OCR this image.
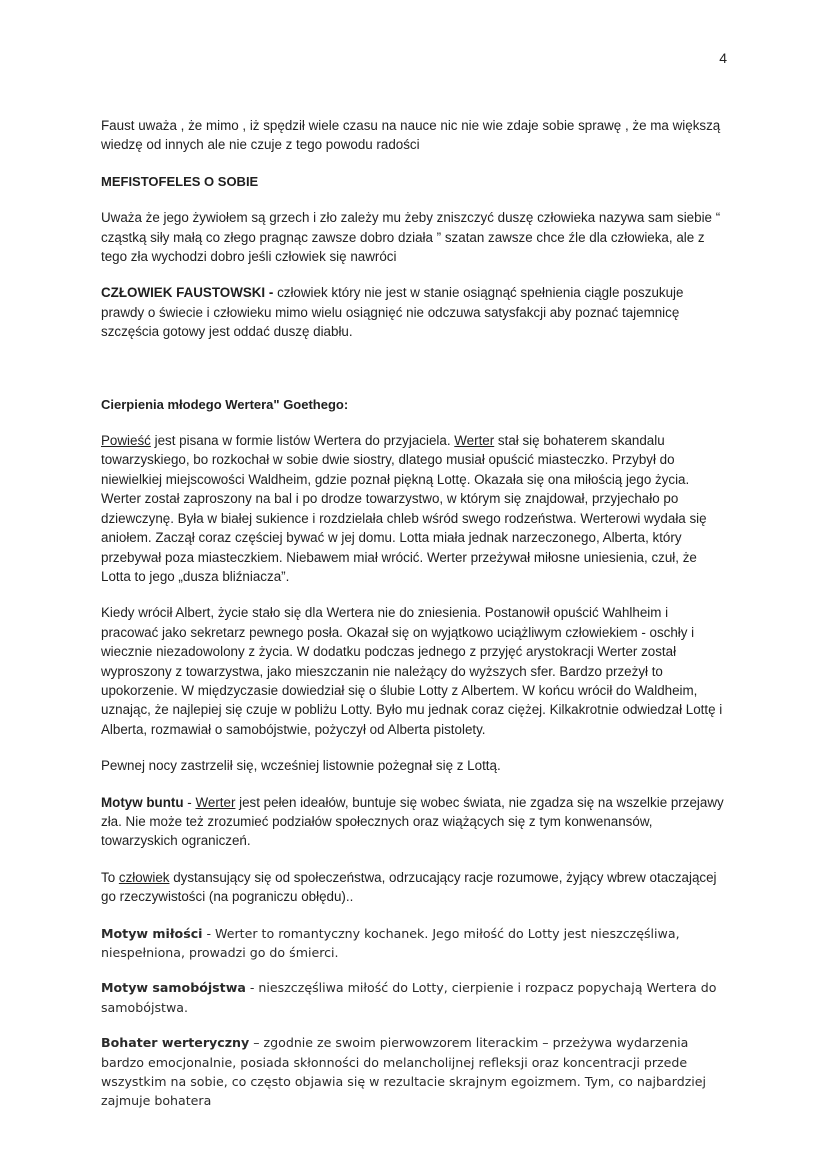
4

Faust uważa , że mimo , iż spędził wiele czasu na nauce nic nie wie zdaje sobie sprawę , że ma większą wiedzę od innych ale nie czuje z tego powodu radości

MEFISTOFELES O SOBIE

Uważa że jego żywiołem są grzech i zło zależy mu żeby zniszczyć duszę człowieka nazywa sam siebie “ cząstką siły małą co złego pragnąc zawsze dobro działa ” szatan zawsze chce źle dla człowieka, ale z tego zła wychodzi dobro jeśli człowiek się nawróci

CZŁOWIEK FAUSTOWSKI - człowiek który nie jest w stanie osiągnąć spełnienia ciągle poszukuje prawdy o świecie i człowieku mimo wielu osiągnięć nie odczuwa satysfakcji aby poznać tajemnicę szczęścia gotowy jest oddać duszę diabłu.

Cierpienia młodego Wertera" Goethego:

Powieść jest pisana w formie listów Wertera do przyjaciela. Werter stał się bohaterem skandalu towarzyskiego, bo rozkochał w sobie dwie siostry, dlatego musiał opuścić miasteczko. Przybył do niewielkiej miejscowości Waldheim, gdzie poznał piękną Lottę. Okazała się ona miłością jego życia. Werter został zaproszony na bal i po drodze towarzystwo, w którym się znajdował, przyjechało po dziewczynę. Była w białej sukience i rozdzielała chleb wśród swego rodzeństwa. Werterowi wydała się aniołem. Zaczął coraz częściej bywać w jej domu. Lotta miała jednak narzeczonego, Alberta, który przebywał poza miasteczkiem. Niebawem miał wrócić. Werter przeżywał miłosne uniesienia, czuł, że Lotta to jego „dusza bliźniacza”.

Kiedy wrócił Albert, życie stało się dla Wertera nie do zniesienia. Postanowił opuścić Wahlheim i pracować jako sekretarz pewnego posła. Okazał się on wyjątkowo uciążliwym człowiekiem - oschły i wiecznie niezadowolony z życia. W dodatku podczas jednego z przyjęć arystokracji Werter został wyproszony z towarzystwa, jako mieszczanin nie należący do wyższych sfer. Bardzo przeżył to upokorzenie. W międzyczasie dowiedział się o ślubie Lotty z Albertem. W końcu wrócił do Waldheim, uznając, że najlepiej się czuje w pobliżu Lotty. Było mu jednak coraz ciężej. Kilkakrotnie odwiedzał Lottę i Alberta, rozmawiał o samobójstwie, pożyczył od Alberta pistolety.

Pewnej nocy zastrzelił się, wcześniej listownie pożegnał się z Lottą.

Motyw buntu - Werter jest pełen ideałów, buntuje się wobec świata, nie zgadza się na wszelkie przejawy zła. Nie może też zrozumieć podziałów społecznych oraz wiążących się z tym konwenansów, towarzyskich ograniczeń.

To człowiek dystansujący się od społeczeństwa, odrzucający racje rozumowe, żyjący wbrew otaczającej go rzeczywistości (na pograniczu obłędu)..

Motyw miłości - Werter to romantyczny kochanek. Jego miłość do Lotty jest nieszczęśliwa, niespełniona, prowadzi go do śmierci.

Motyw samobójstwa - nieszczęśliwa miłość do Lotty, cierpienie i rozpacz popychają Wertera do samobójstwa.

Bohater werteryczny – zgodnie ze swoim pierwowzorem literackim – przeżywa wydarzenia bardzo emocjonalnie, posiada skłonności do melancholijnej refleksji oraz koncentracji przede wszystkim na sobie, co często objawia się w rezultacie skrajnym egoizmem. Tym, co najbardziej zajmuje bohatera
